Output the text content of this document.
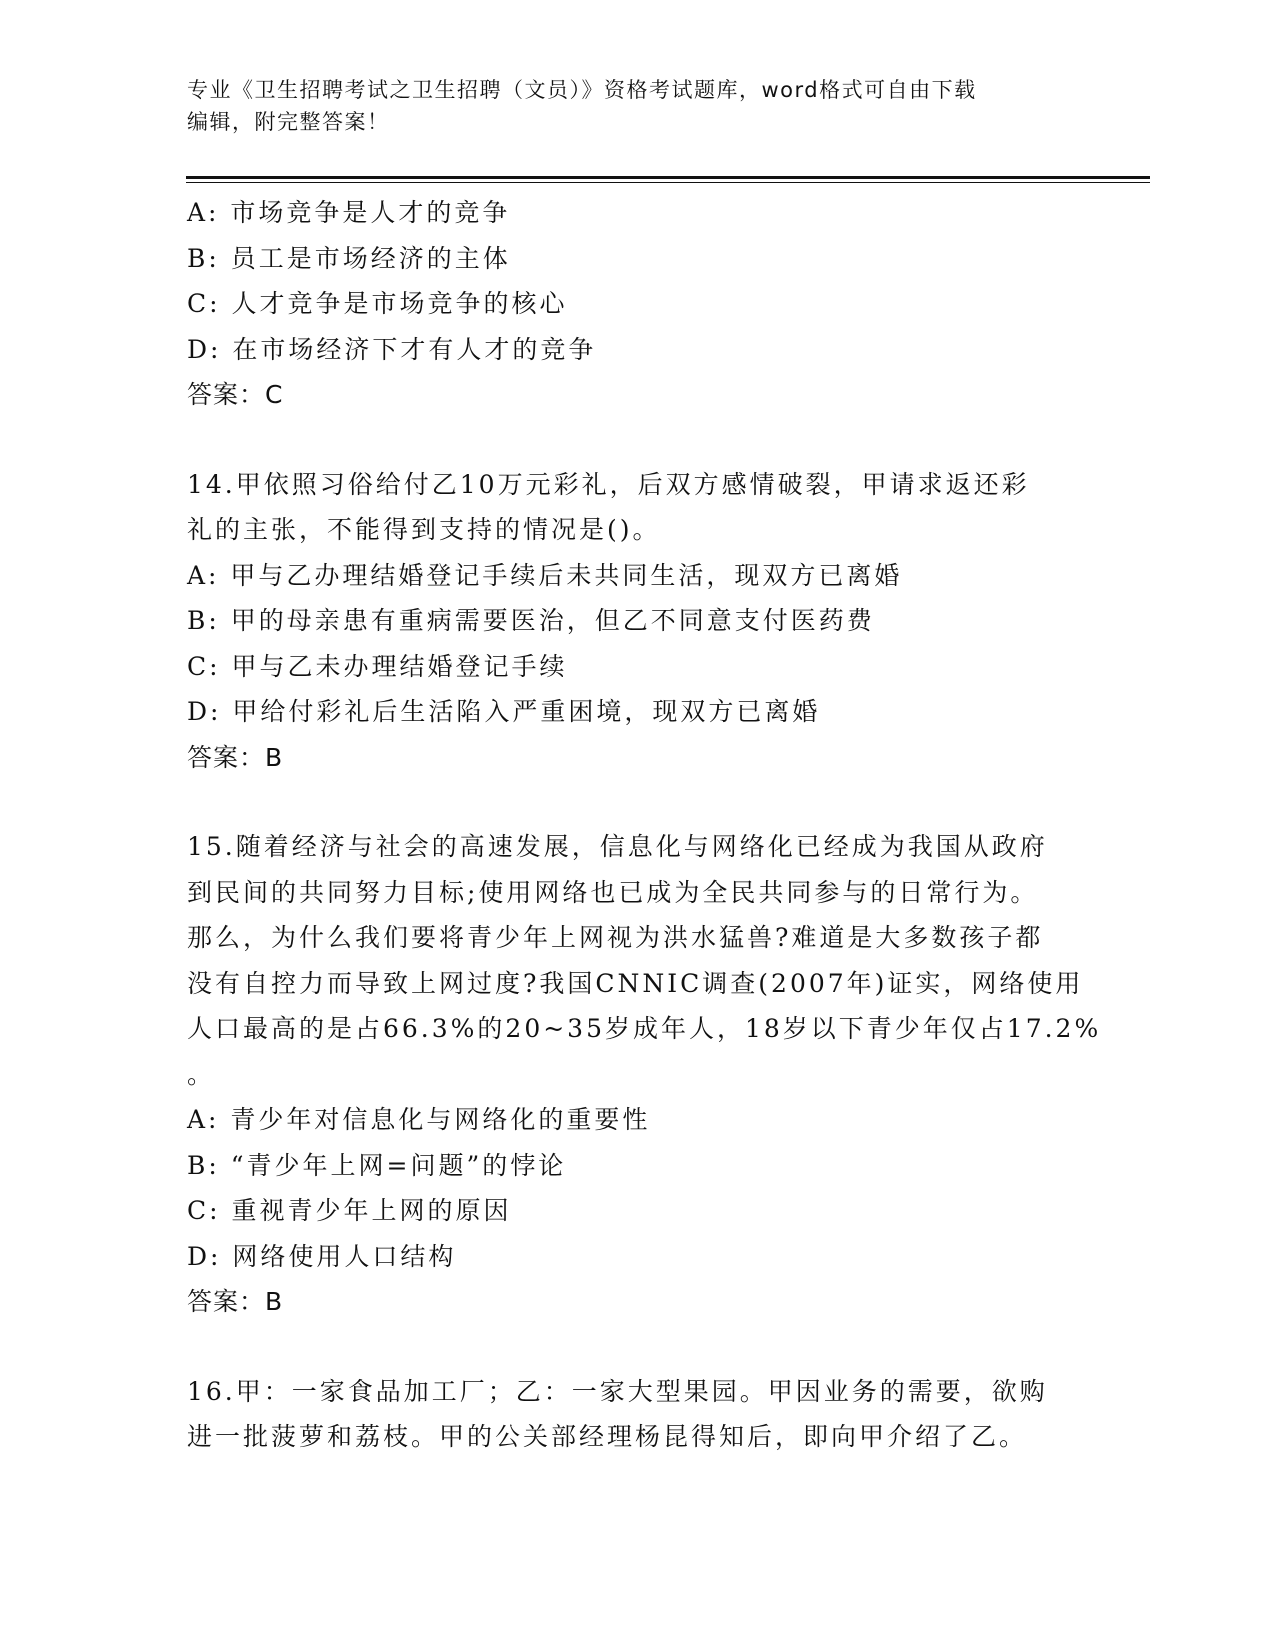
专业《卫生招聘考试之卫生招聘（文员）》资格考试题库，word格式可自由下载
编辑，附完整答案！
A: 市场竞争是人才的竞争
B: 员工是市场经济的主体
C: 人才竞争是市场竞争的核心
D: 在市场经济下才有人才的竞争
答案：C
14.甲依照习俗给付乙10万元彩礼，后双方感情破裂，甲请求返还彩
礼的主张，不能得到支持的情况是()。
A: 甲与乙办理结婚登记手续后未共同生活，现双方已离婚
B: 甲的母亲患有重病需要医治，但乙不同意支付医药费
C: 甲与乙未办理结婚登记手续
D: 甲给付彩礼后生活陷入严重困境，现双方已离婚
答案：B
15.随着经济与社会的高速发展，信息化与网络化已经成为我国从政府
到民间的共同努力目标;使用网络也已成为全民共同参与的日常行为。
那么，为什么我们要将青少年上网视为洪水猛兽?难道是大多数孩子都
没有自控力而导致上网过度?我国CNNIC调查(2007年)证实，网络使用
人口最高的是占66.3%的20~35岁成年人，18岁以下青少年仅占17.2%
。
A: 青少年对信息化与网络化的重要性
B: “青少年上网=问题”的悖论
C: 重视青少年上网的原因
D: 网络使用人口结构
答案：B
16.甲：一家食品加工厂；乙：一家大型果园。甲因业务的需要，欲购
进一批菠萝和荔枝。甲的公关部经理杨昆得知后，即向甲介绍了乙。
